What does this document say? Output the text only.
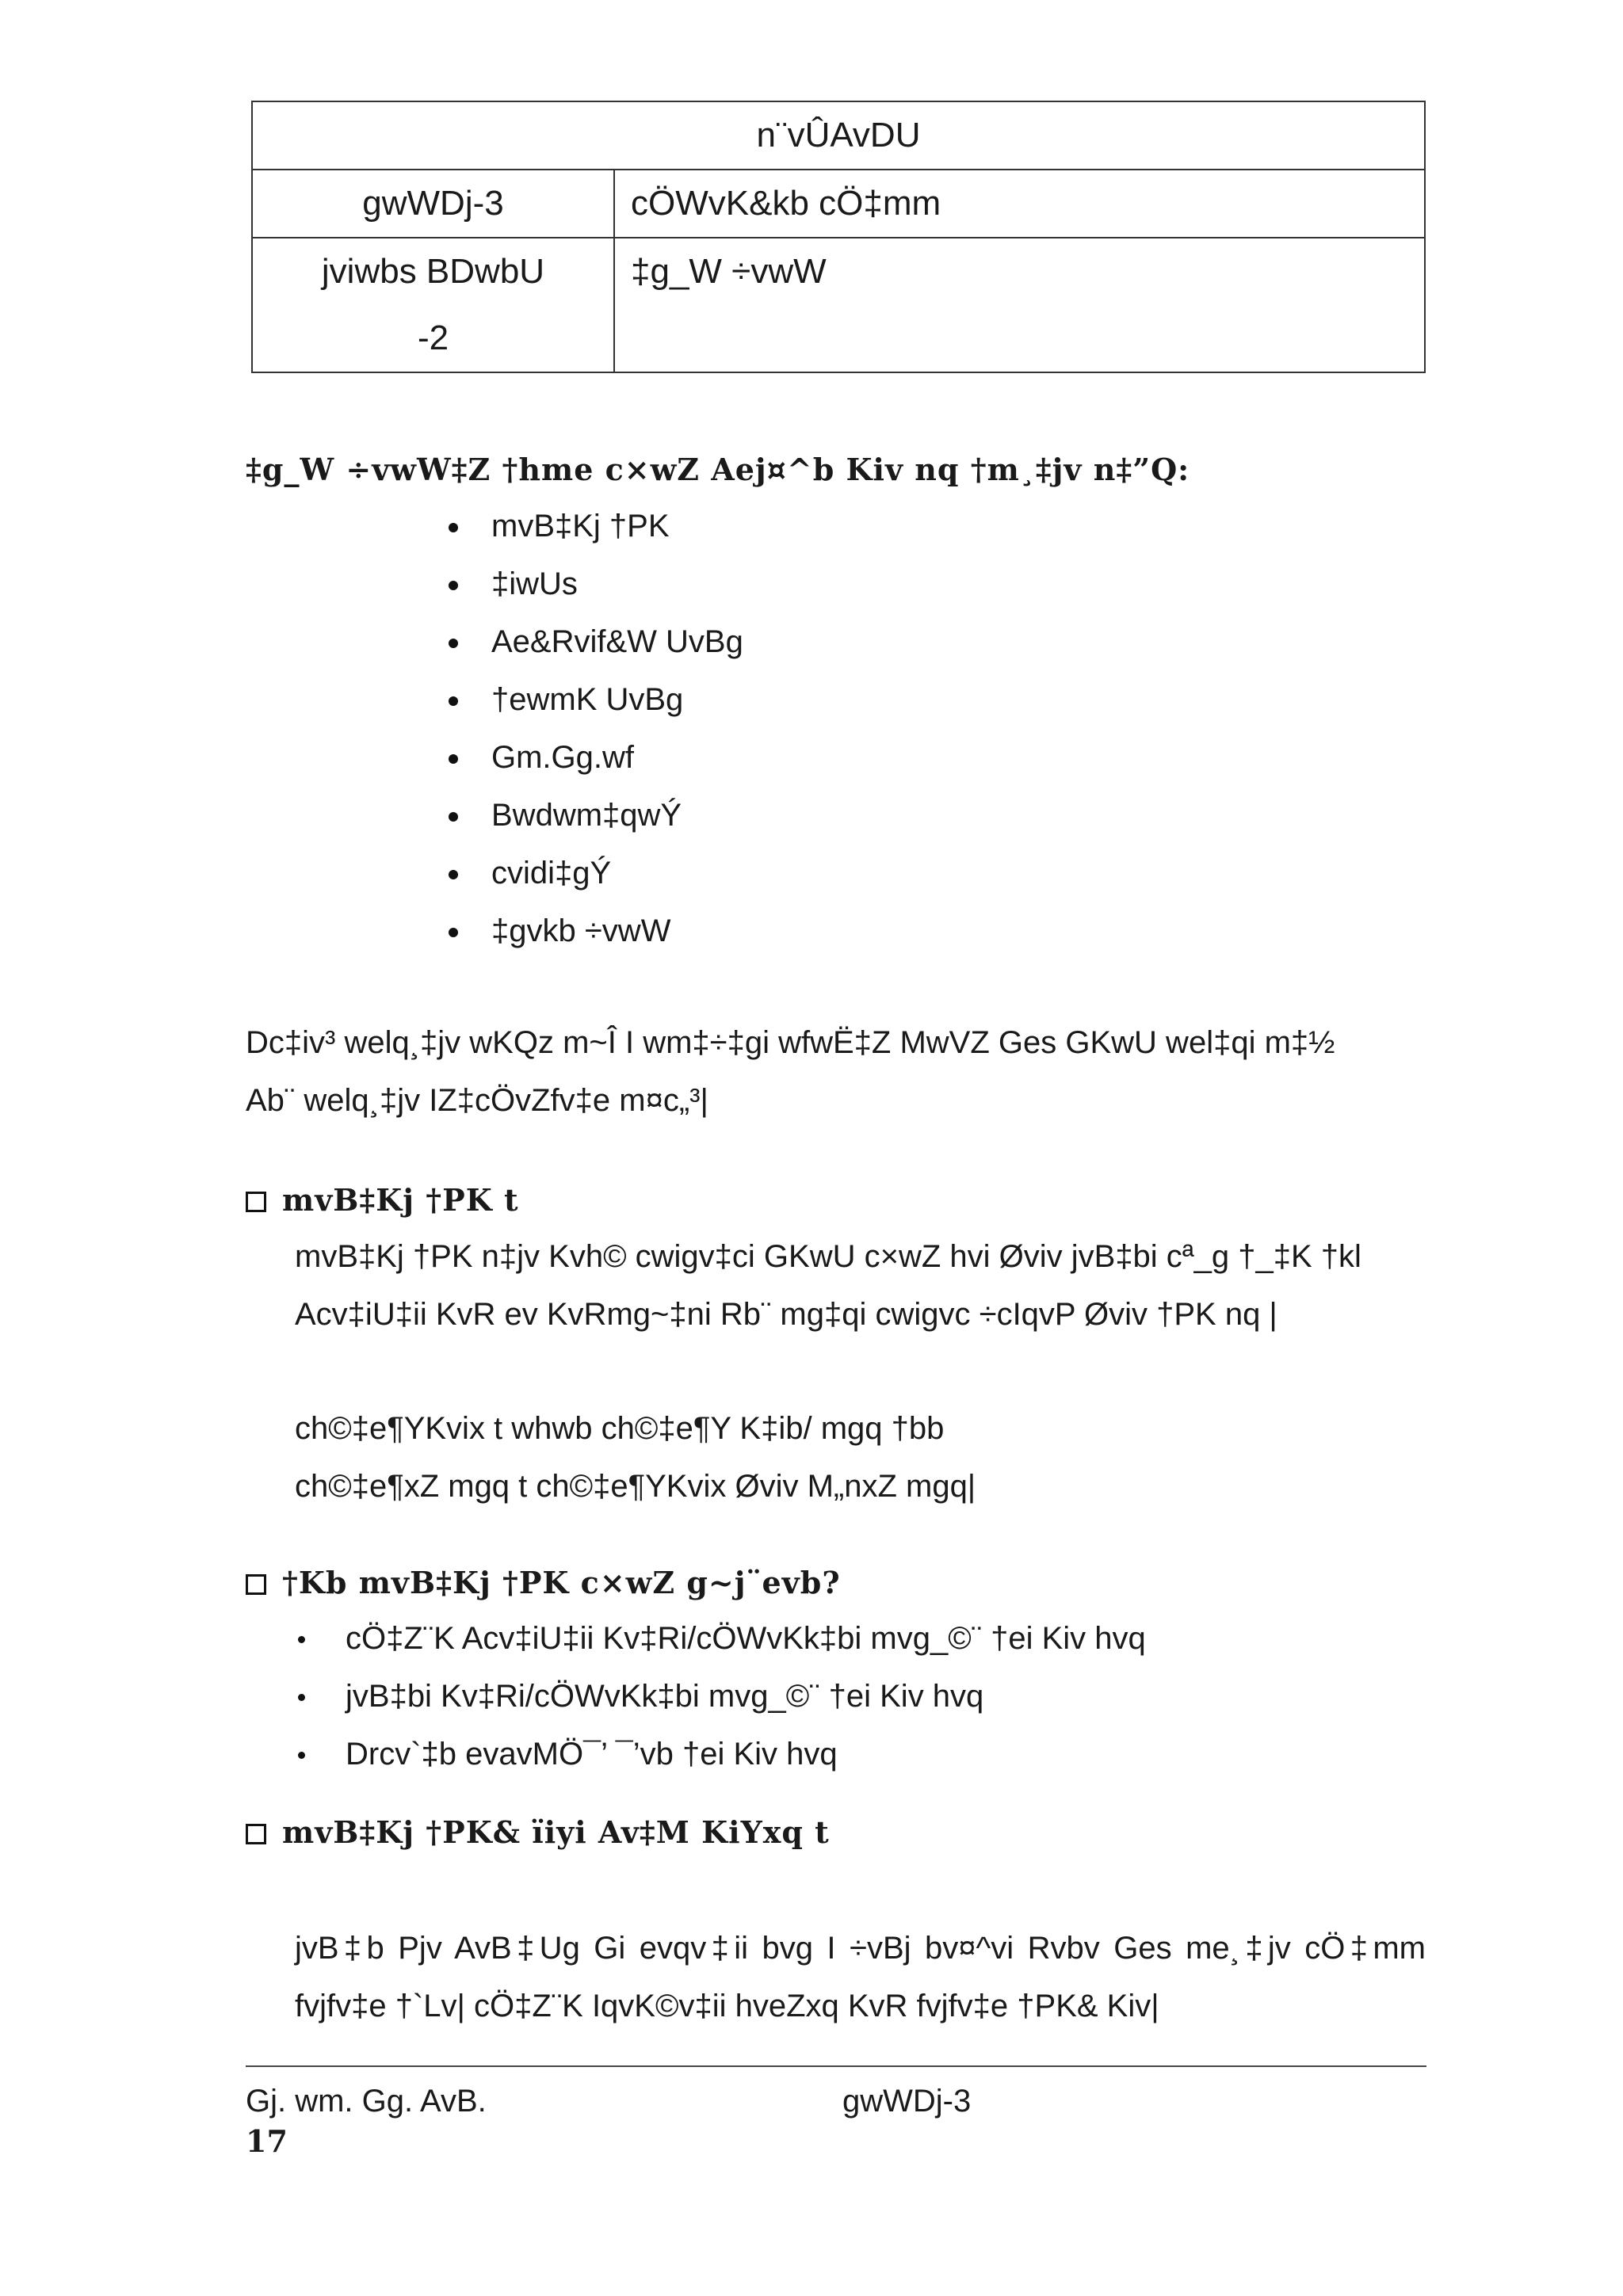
n¨vÛAvDU	
gwWDj-3	cÖWvK&kb cÖ‡mm

jviwbs BDwbU
-2	‡g_W ÷vwW
‡g_W ÷vwW‡Z †hme c×wZ Aej¤^b Kiv nq †m¸‡jv n‡”Q:
mvB‡Kj †PK
‡iwUs
Ae&Rvif&W UvBg
†ewmK UvBg
Gm.Gg.wf
Bwdwm‡qwÝ
cvidi‡gÝ
‡gvkb ÷vwW
Dc‡iv³ welq¸‡jv wKQz m~Î I wm‡÷‡gi wfwË‡Z MwVZ Ges GKwU wel‡qi m‡½
Ab¨ welq¸‡jv IZ‡cÖvZfv‡e m¤c„³|
mvB‡Kj †PK t
mvB‡Kj †PK n‡jv Kvh© cwigv‡ci GKwU c×wZ hvi Øviv jvB‡bi cª_g †_‡K †kl
Acv‡iU‡ii KvR ev KvRmg~‡ni Rb¨ mg‡qi cwigvc ÷cIqvP Øviv †PK nq |
ch©‡e¶YKvix t whwb ch©‡e¶Y K‡ib/ mgq †bb
ch©‡e¶xZ mgq t ch©‡e¶YKvix Øviv M„nxZ mgq|
†Kb mvB‡Kj †PK c×wZ g~j¨evb?
cÖ‡Z¨K Acv‡iU‡ii Kv‡Ri/cÖWvKk‡bi mvg_©¨ †ei Kiv hvq
jvB‡bi Kv‡Ri/cÖWvKk‡bi mvg_©¨ †ei Kiv hvq
Drcv`‡b evavMÖ¯’ ¯’vb †ei Kiv hvq
mvB‡Kj †PK& ïiyi Av‡M KiYxq t
jvB‡b Pjv AvB‡Ug Gi evqv‡ii bvg I ÷vBj bv¤^vi Rvbv Ges me¸‡jv cÖ‡mm
fvjfv‡e †`Lv| cÖ‡Z¨K IqvK©v‡ii hveZxq KvR fvjfv‡e †PK& Kiv|
Gj. wm. Gg. AvB.	gwWDj-3
17
